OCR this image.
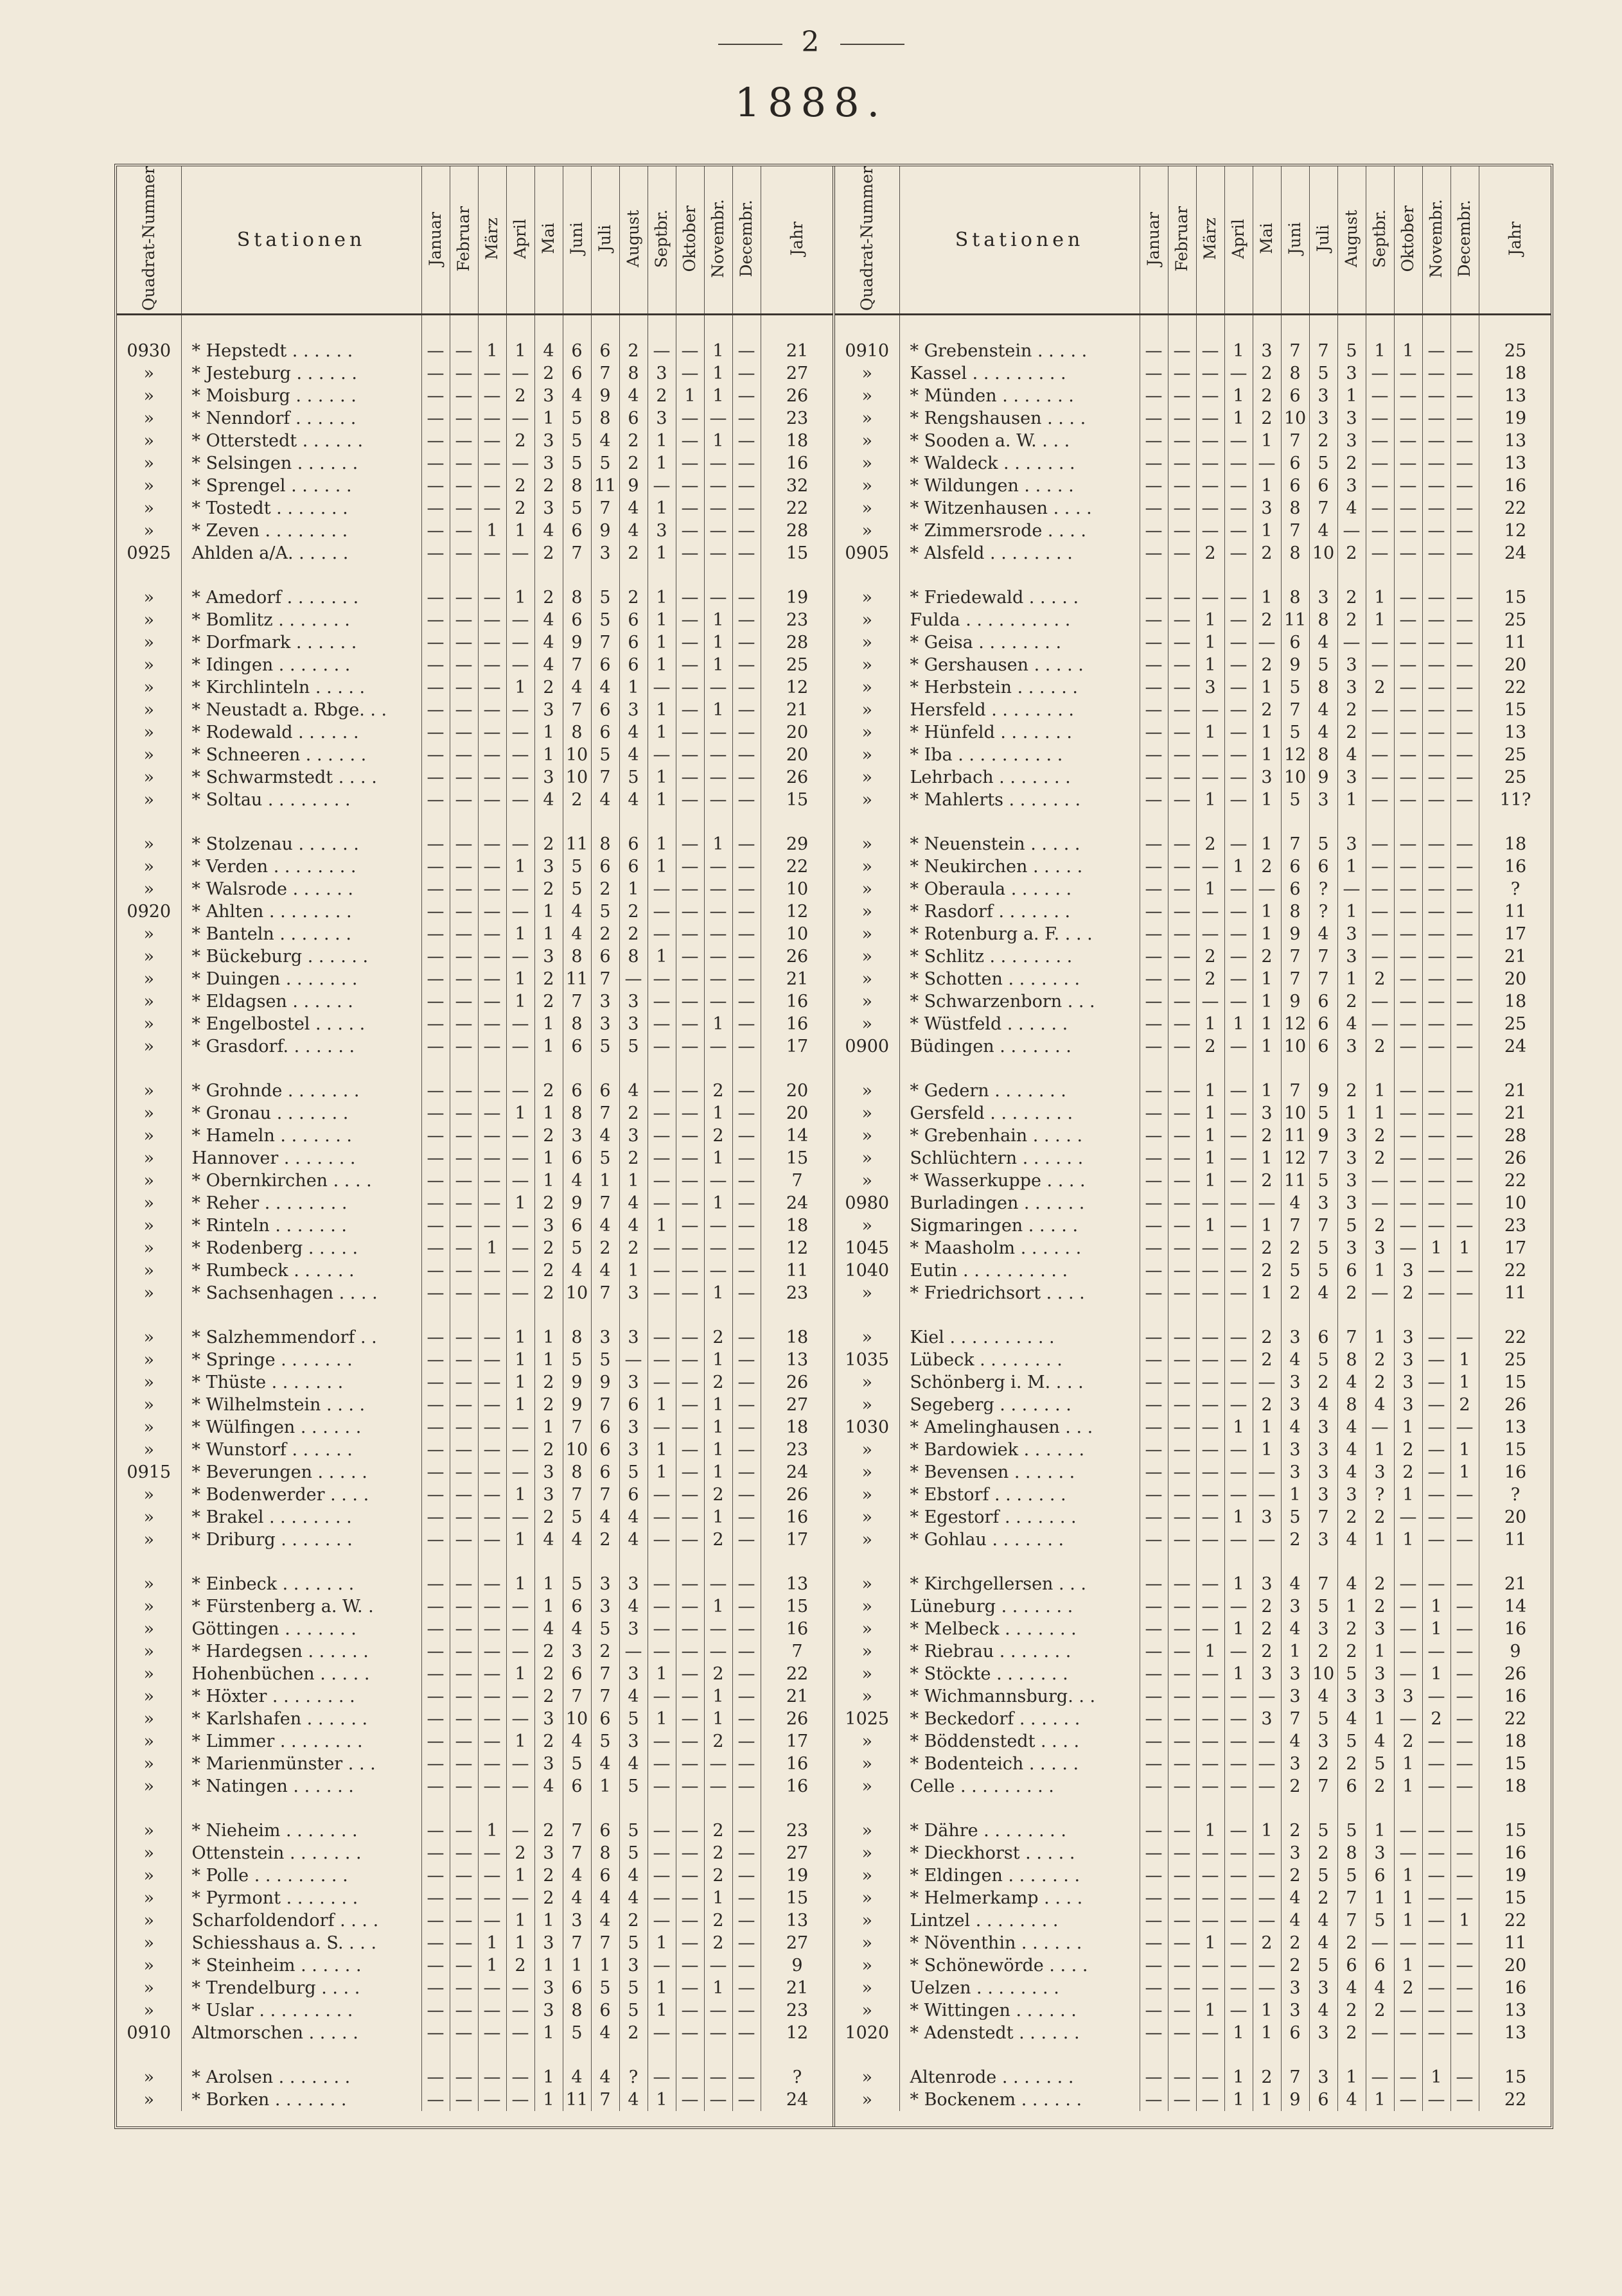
2
1888.
Quadrat-Nummer	Stationen	Januar	Februar	März	April	Mai	Juni	Juli	August	Septbr.	Oktober	Novembr.	Decembr.	Jahr
0930	* Hepstedt . . . . . .	—	—	1	1	4	6	6	2	—	—	1	—	21
»	* Jesteburg . . . . . .	—	—	—	—	2	6	7	8	3	—	1	—	27
»	* Moisburg . . . . . .	—	—	—	2	3	4	9	4	2	1	1	—	26
»	* Nenndorf . . . . . .	—	—	—	—	1	5	8	6	3	—	—	—	23
»	* Otterstedt . . . . . .	—	—	—	2	3	5	4	2	1	—	1	—	18
»	* Selsingen . . . . . .	—	—	—	—	3	5	5	2	1	—	—	—	16
»	* Sprengel . . . . . .	—	—	—	2	2	8	11	9	—	—	—	—	32
»	* Tostedt . . . . . . .	—	—	—	2	3	5	7	4	1	—	—	—	22
»	* Zeven . . . . . . . .	—	—	1	1	4	6	9	4	3	—	—	—	28
0925	Ahlden a/A. . . . . .	—	—	—	—	2	7	3	2	1	—	—	—	15
»	* Amedorf . . . . . . .	—	—	—	1	2	8	5	2	1	—	—	—	19
»	* Bomlitz . . . . . . .	—	—	—	—	4	6	5	6	1	—	1	—	23
»	* Dorfmark . . . . . .	—	—	—	—	4	9	7	6	1	—	1	—	28
»	* Idingen . . . . . . .	—	—	—	—	4	7	6	6	1	—	1	—	25
»	* Kirchlinteln . . . . .	—	—	—	1	2	4	4	1	—	—	—	—	12
»	* Neustadt a. Rbge. . .	—	—	—	—	3	7	6	3	1	—	1	—	21
»	* Rodewald . . . . . .	—	—	—	—	1	8	6	4	1	—	—	—	20
»	* Schneeren . . . . . .	—	—	—	—	1	10	5	4	—	—	—	—	20
»	* Schwarmstedt . . . .	—	—	—	—	3	10	7	5	1	—	—	—	26
»	* Soltau . . . . . . . .	—	—	—	—	4	2	4	4	1	—	—	—	15
»	* Stolzenau . . . . . .	—	—	—	—	2	11	8	6	1	—	1	—	29
»	* Verden . . . . . . . .	—	—	—	1	3	5	6	6	1	—	—	—	22
»	* Walsrode . . . . . .	—	—	—	—	2	5	2	1	—	—	—	—	10
0920	* Ahlten . . . . . . . .	—	—	—	—	1	4	5	2	—	—	—	—	12
»	* Banteln . . . . . . .	—	—	—	1	1	4	2	2	—	—	—	—	10
»	* Bückeburg . . . . . .	—	—	—	—	3	8	6	8	1	—	—	—	26
»	* Duingen . . . . . . .	—	—	—	1	2	11	7	—	—	—	—	—	21
»	* Eldagsen . . . . . .	—	—	—	1	2	7	3	3	—	—	—	—	16
»	* Engelbostel . . . . .	—	—	—	—	1	8	3	3	—	—	1	—	16
»	* Grasdorf. . . . . . .	—	—	—	—	1	6	5	5	—	—	—	—	17
»	* Grohnde . . . . . . .	—	—	—	—	2	6	6	4	—	—	2	—	20
»	* Gronau . . . . . . .	—	—	—	1	1	8	7	2	—	—	1	—	20
»	* Hameln . . . . . . .	—	—	—	—	2	3	4	3	—	—	2	—	14
»	Hannover . . . . . . .	—	—	—	—	1	6	5	2	—	—	1	—	15
»	* Obernkirchen . . . .	—	—	—	—	1	4	1	1	—	—	—	—	7
»	* Reher . . . . . . . .	—	—	—	1	2	9	7	4	—	—	1	—	24
»	* Rinteln . . . . . . .	—	—	—	—	3	6	4	4	1	—	—	—	18
»	* Rodenberg . . . . .	—	—	1	—	2	5	2	2	—	—	—	—	12
»	* Rumbeck . . . . . .	—	—	—	—	2	4	4	1	—	—	—	—	11
»	* Sachsenhagen . . . .	—	—	—	—	2	10	7	3	—	—	1	—	23
»	* Salzhemmendorf . .	—	—	—	1	1	8	3	3	—	—	2	—	18
»	* Springe . . . . . . .	—	—	—	1	1	5	5	—	—	—	1	—	13
»	* Thüste . . . . . . .	—	—	—	1	2	9	9	3	—	—	2	—	26
»	* Wilhelmstein . . . .	—	—	—	1	2	9	7	6	1	—	1	—	27
»	* Wülfingen . . . . . .	—	—	—	—	1	7	6	3	—	—	1	—	18
»	* Wunstorf . . . . . .	—	—	—	—	2	10	6	3	1	—	1	—	23
0915	* Beverungen . . . . .	—	—	—	—	3	8	6	5	1	—	1	—	24
»	* Bodenwerder . . . .	—	—	—	1	3	7	7	6	—	—	2	—	26
»	* Brakel . . . . . . . .	—	—	—	—	2	5	4	4	—	—	1	—	16
»	* Driburg . . . . . . .	—	—	—	1	4	4	2	4	—	—	2	—	17
»	* Einbeck . . . . . . .	—	—	—	1	1	5	3	3	—	—	—	—	13
»	* Fürstenberg a. W. .	—	—	—	—	1	6	3	4	—	—	1	—	15
»	Göttingen . . . . . . .	—	—	—	—	4	4	5	3	—	—	—	—	16
»	* Hardegsen . . . . . .	—	—	—	—	2	3	2	—	—	—	—	—	7
»	Hohenbüchen . . . . .	—	—	—	1	2	6	7	3	1	—	2	—	22
»	* Höxter . . . . . . . .	—	—	—	—	2	7	7	4	—	—	1	—	21
»	* Karlshafen . . . . . .	—	—	—	—	3	10	6	5	1	—	1	—	26
»	* Limmer . . . . . . . .	—	—	—	1	2	4	5	3	—	—	2	—	17
»	* Marienmünster . . .	—	—	—	—	3	5	4	4	—	—	—	—	16
»	* Natingen . . . . . .	—	—	—	—	4	6	1	5	—	—	—	—	16
»	* Nieheim . . . . . . .	—	—	1	—	2	7	6	5	—	—	2	—	23
»	Ottenstein . . . . . . .	—	—	—	2	3	7	8	5	—	—	2	—	27
»	* Polle . . . . . . . . .	—	—	—	1	2	4	6	4	—	—	2	—	19
»	* Pyrmont . . . . . . .	—	—	—	—	2	4	4	4	—	—	1	—	15
»	Scharfoldendorf . . . .	—	—	—	1	1	3	4	2	—	—	2	—	13
»	Schiesshaus a. S. . . .	—	—	1	1	3	7	7	5	1	—	2	—	27
»	* Steinheim . . . . . .	—	—	1	2	1	1	1	3	—	—	—	—	9
»	* Trendelburg . . . .	—	—	—	—	3	6	5	5	1	—	1	—	21
»	* Uslar . . . . . . . . .	—	—	—	—	3	8	6	5	1	—	—	—	23
0910	Altmorschen . . . . .	—	—	—	—	1	5	4	2	—	—	—	—	12
»	* Arolsen . . . . . . .	—	—	—	—	1	4	4	?	—	—	—	—	?
»	* Borken . . . . . . .	—	—	—	—	1	11	7	4	1	—	—	—	24
Quadrat-Nummer	Stationen	Januar	Februar	März	April	Mai	Juni	Juli	August	Septbr.	Oktober	Novembr.	Decembr.	Jahr
0910	* Grebenstein . . . . .	—	—	—	1	3	7	7	5	1	1	—	—	25
»	Kassel . . . . . . . . .	—	—	—	—	2	8	5	3	—	—	—	—	18
»	* Münden . . . . . . .	—	—	—	1	2	6	3	1	—	—	—	—	13
»	* Rengshausen . . . .	—	—	—	1	2	10	3	3	—	—	—	—	19
»	* Sooden a. W. . . .	—	—	—	—	1	7	2	3	—	—	—	—	13
»	* Waldeck . . . . . . .	—	—	—	—	—	6	5	2	—	—	—	—	13
»	* Wildungen . . . . .	—	—	—	—	1	6	6	3	—	—	—	—	16
»	* Witzenhausen . . . .	—	—	—	—	3	8	7	4	—	—	—	—	22
»	* Zimmersrode . . . .	—	—	—	—	1	7	4	—	—	—	—	—	12
0905	* Alsfeld . . . . . . . .	—	—	2	—	2	8	10	2	—	—	—	—	24
»	* Friedewald . . . . .	—	—	—	—	1	8	3	2	1	—	—	—	15
»	Fulda . . . . . . . . . .	—	—	1	—	2	11	8	2	1	—	—	—	25
»	* Geisa . . . . . . . .	—	—	1	—	—	6	4	—	—	—	—	—	11
»	* Gershausen . . . . .	—	—	1	—	2	9	5	3	—	—	—	—	20
»	* Herbstein . . . . . .	—	—	3	—	1	5	8	3	2	—	—	—	22
»	Hersfeld . . . . . . . .	—	—	—	—	2	7	4	2	—	—	—	—	15
»	* Hünfeld . . . . . . .	—	—	1	—	1	5	4	2	—	—	—	—	13
»	* Iba . . . . . . . . . .	—	—	—	—	1	12	8	4	—	—	—	—	25
»	Lehrbach . . . . . . .	—	—	—	—	3	10	9	3	—	—	—	—	25
»	* Mahlerts . . . . . . .	—	—	1	—	1	5	3	1	—	—	—	—	11?
»	* Neuenstein . . . . .	—	—	2	—	1	7	5	3	—	—	—	—	18
»	* Neukirchen . . . . .	—	—	—	1	2	6	6	1	—	—	—	—	16
»	* Oberaula . . . . . .	—	—	1	—	—	6	?	—	—	—	—	—	?
»	* Rasdorf . . . . . . .	—	—	—	—	1	8	?	1	—	—	—	—	11
»	* Rotenburg a. F. . . .	—	—	—	—	1	9	4	3	—	—	—	—	17
»	* Schlitz . . . . . . . .	—	—	2	—	2	7	7	3	—	—	—	—	21
»	* Schotten . . . . . . .	—	—	2	—	1	7	7	1	2	—	—	—	20
»	* Schwarzenborn . . .	—	—	—	—	1	9	6	2	—	—	—	—	18
»	* Wüstfeld . . . . . .	—	—	1	1	1	12	6	4	—	—	—	—	25
0900	Büdingen . . . . . . .	—	—	2	—	1	10	6	3	2	—	—	—	24
»	* Gedern . . . . . . .	—	—	1	—	1	7	9	2	1	—	—	—	21
»	Gersfeld . . . . . . . .	—	—	1	—	3	10	5	1	1	—	—	—	21
»	* Grebenhain . . . . .	—	—	1	—	2	11	9	3	2	—	—	—	28
»	Schlüchtern . . . . . .	—	—	1	—	1	12	7	3	2	—	—	—	26
»	* Wasserkuppe . . . .	—	—	1	—	2	11	5	3	—	—	—	—	22
0980	Burladingen . . . . . .	—	—	—	—	—	4	3	3	—	—	—	—	10
»	Sigmaringen . . . . .	—	—	1	—	1	7	7	5	2	—	—	—	23
1045	* Maasholm . . . . . .	—	—	—	—	2	2	5	3	3	—	1	1	17
1040	Eutin . . . . . . . . . .	—	—	—	—	2	5	5	6	1	3	—	—	22
»	* Friedrichsort . . . .	—	—	—	—	1	2	4	2	—	2	—	—	11
»	Kiel . . . . . . . . . .	—	—	—	—	2	3	6	7	1	3	—	—	22
1035	Lübeck . . . . . . . .	—	—	—	—	2	4	5	8	2	3	—	1	25
»	Schönberg i. M. . . .	—	—	—	—	—	3	2	4	2	3	—	1	15
»	Segeberg . . . . . . .	—	—	—	—	2	3	4	8	4	3	—	2	26
1030	* Amelinghausen . . .	—	—	—	1	1	4	3	4	—	1	—	—	13
»	* Bardowiek . . . . . .	—	—	—	—	1	3	3	4	1	2	—	1	15
»	* Bevensen . . . . . .	—	—	—	—	—	3	3	4	3	2	—	1	16
»	* Ebstorf . . . . . . .	—	—	—	—	—	1	3	3	?	1	—	—	?
»	* Egestorf . . . . . . .	—	—	—	1	3	5	7	2	2	—	—	—	20
»	* Gohlau . . . . . . .	—	—	—	—	—	2	3	4	1	1	—	—	11
»	* Kirchgellersen . . .	—	—	—	1	3	4	7	4	2	—	—	—	21
»	Lüneburg . . . . . . .	—	—	—	—	2	3	5	1	2	—	1	—	14
»	* Melbeck . . . . . . .	—	—	—	1	2	4	3	2	3	—	1	—	16
»	* Riebrau . . . . . . .	—	—	1	—	2	1	2	2	1	—	—	—	9
»	* Stöckte . . . . . . .	—	—	—	1	3	3	10	5	3	—	1	—	26
»	* Wichmannsburg. . .	—	—	—	—	—	3	4	3	3	3	—	—	16
1025	* Beckedorf . . . . . .	—	—	—	—	3	7	5	4	1	—	2	—	22
»	* Böddenstedt . . . .	—	—	—	—	—	4	3	5	4	2	—	—	18
»	* Bodenteich . . . . .	—	—	—	—	—	3	2	2	5	1	—	—	15
»	Celle . . . . . . . . .	—	—	—	—	—	2	7	6	2	1	—	—	18
»	* Dähre . . . . . . . .	—	—	1	—	1	2	5	5	1	—	—	—	15
»	* Dieckhorst . . . . .	—	—	—	—	—	3	2	8	3	—	—	—	16
»	* Eldingen . . . . . . .	—	—	—	—	—	2	5	5	6	1	—	—	19
»	* Helmerkamp . . . .	—	—	—	—	—	4	2	7	1	1	—	—	15
»	Lintzel . . . . . . . .	—	—	—	—	—	4	4	7	5	1	—	1	22
»	* Növenthin . . . . . .	—	—	1	—	2	2	4	2	—	—	—	—	11
»	* Schönewörde . . . .	—	—	—	—	—	2	5	6	6	1	—	—	20
»	Uelzen . . . . . . . .	—	—	—	—	—	3	3	4	4	2	—	—	16
»	* Wittingen . . . . . .	—	—	1	—	1	3	4	2	2	—	—	—	13
1020	* Adenstedt . . . . . .	—	—	—	1	1	6	3	2	—	—	—	—	13
»	Altenrode . . . . . . .	—	—	—	1	2	7	3	1	—	—	1	—	15
»	* Bockenem . . . . . .	—	—	—	1	1	9	6	4	1	—	—	—	22
